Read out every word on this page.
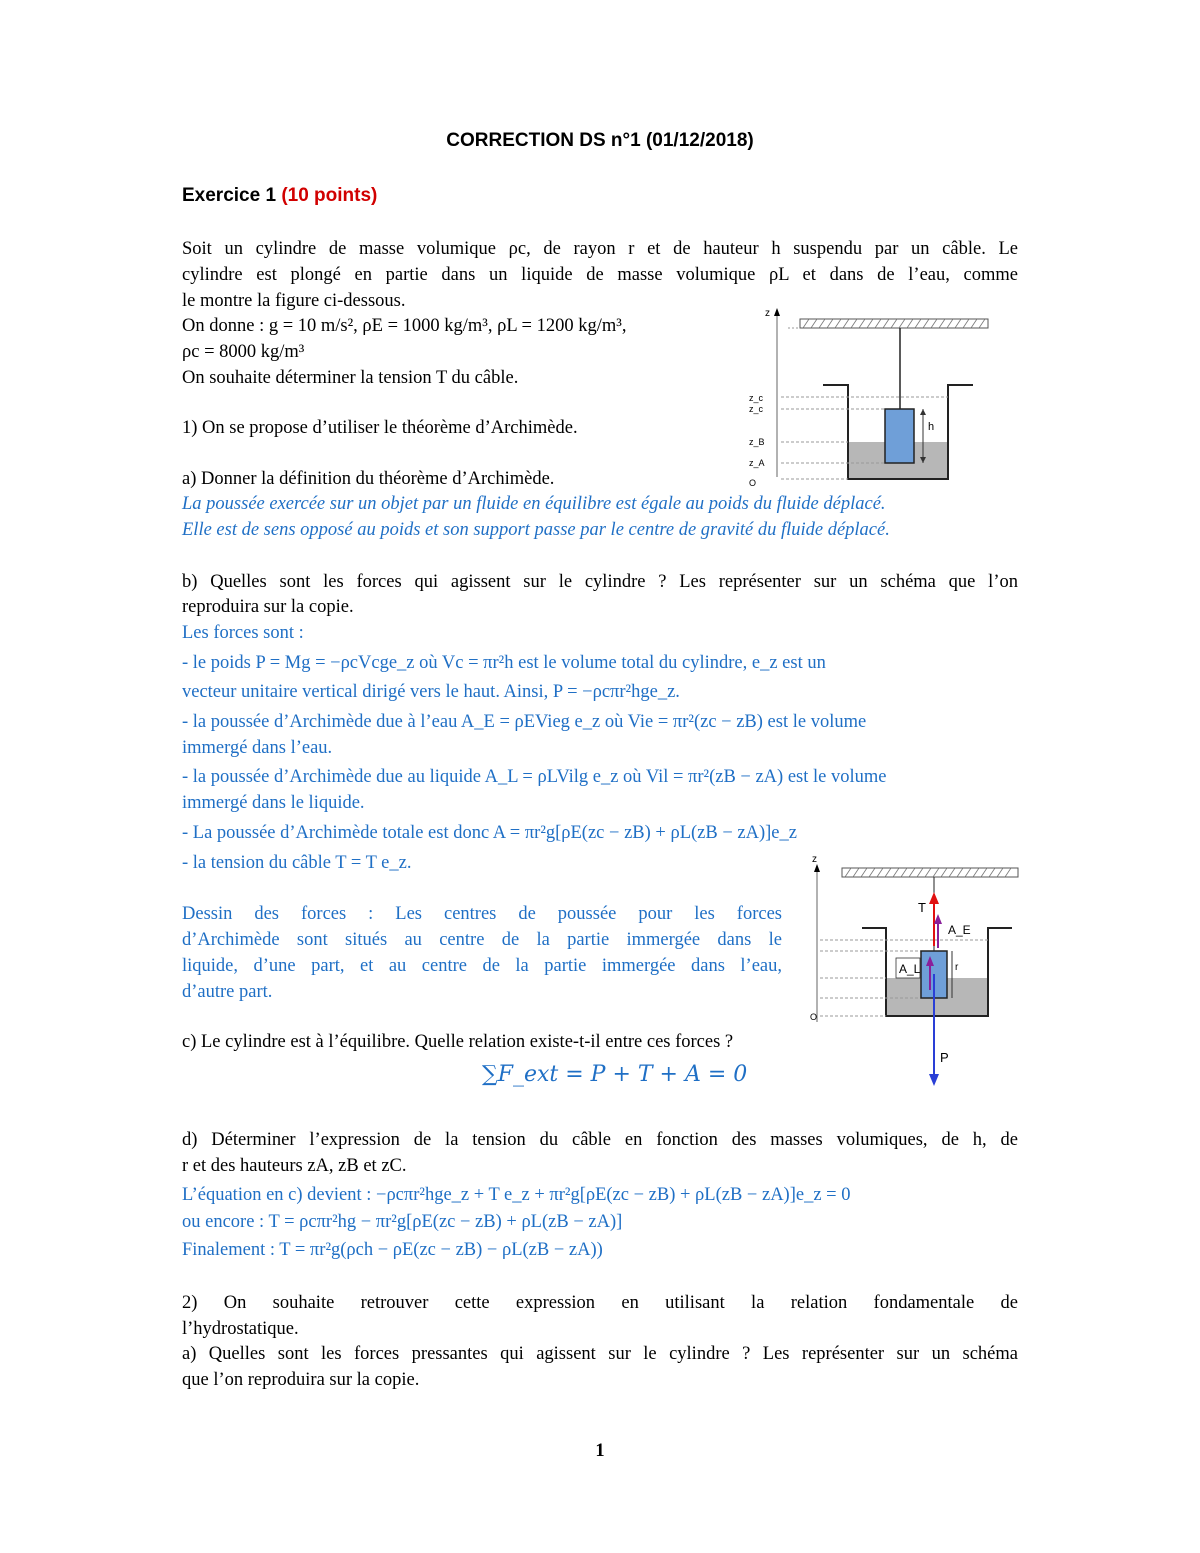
CORRECTION DS n°1 (01/12/2018)
Exercice 1 (10 points)
Soit un cylindre de masse volumique ρc, de rayon r et de hauteur h suspendu par un câble. Le
cylindre est plongé en partie dans un liquide de masse volumique ρL et dans de l’eau, comme
le montre la figure ci-dessous.
On donne : g = 10 m/s², ρE = 1000 kg/m³, ρL = 1200 kg/m³,
ρc = 8000 kg/m³
On souhaite déterminer la tension T du câble.
1) On se propose d’utiliser le théorème d’Archimède.
a) Donner la définition du théorème d’Archimède.
La poussée exercée sur un objet par un fluide en équilibre est égale au poids du fluide déplacé.
Elle est de sens opposé au poids et son support passe par le centre de gravité du fluide déplacé.
b) Quelles sont les forces qui agissent sur le cylindre ? Les représenter sur un schéma que l’on
reproduira sur la copie.
Les forces sont :
- le poids P = Mg = −ρcVcge_z où Vc = πr²h est le volume total du cylindre, e_z est un
vecteur unitaire vertical dirigé vers le haut. Ainsi, P = −ρcπr²hge_z.
- la poussée d’Archimède due à l’eau A_E = ρEVieg e_z où Vie = πr²(zc − zB) est le volume
immergé dans l’eau.
- la poussée d’Archimède due au liquide A_L = ρLVilg e_z où Vil = πr²(zB − zA) est le volume
immergé dans le liquide.
- La poussée d’Archimède totale est donc A = πr²g[ρE(zc − zB) + ρL(zB − zA)]e_z
- la tension du câble T = T e_z.
Dessin des forces : Les centres de poussée pour les forces
d’Archimède sont situés au centre de la partie immergée dans le
liquide, d’une part, et au centre de la partie immergée dans l’eau,
d’autre part.
c) Le cylindre est à l’équilibre. Quelle relation existe-t-il entre ces forces ?
∑F_ext = P + T + A = 0
d) Déterminer l’expression de la tension du câble en fonction des masses volumiques, de h, de
r et des hauteurs zA, zB et zC.
L’équation en c) devient : −ρcπr²hge_z + T e_z + πr²g[ρE(zc − zB) + ρL(zB − zA)]e_z = 0
ou encore : T = ρcπr²hg − πr²g[ρE(zc − zB) + ρL(zB − zA)]
Finalement : T = πr²g(ρch − ρE(zc − zB) − ρL(zB − zA))
2) On souhaite retrouver cette expression en utilisant la relation fondamentale de
l’hydrostatique.
a) Quelles sont les forces pressantes qui agissent sur le cylindre ? Les représenter sur un schéma
que l’on reproduira sur la copie.
1
z
h
z_c
z_c
z_B
z_A
O
z
T
A_E
A_L	r
P
O
